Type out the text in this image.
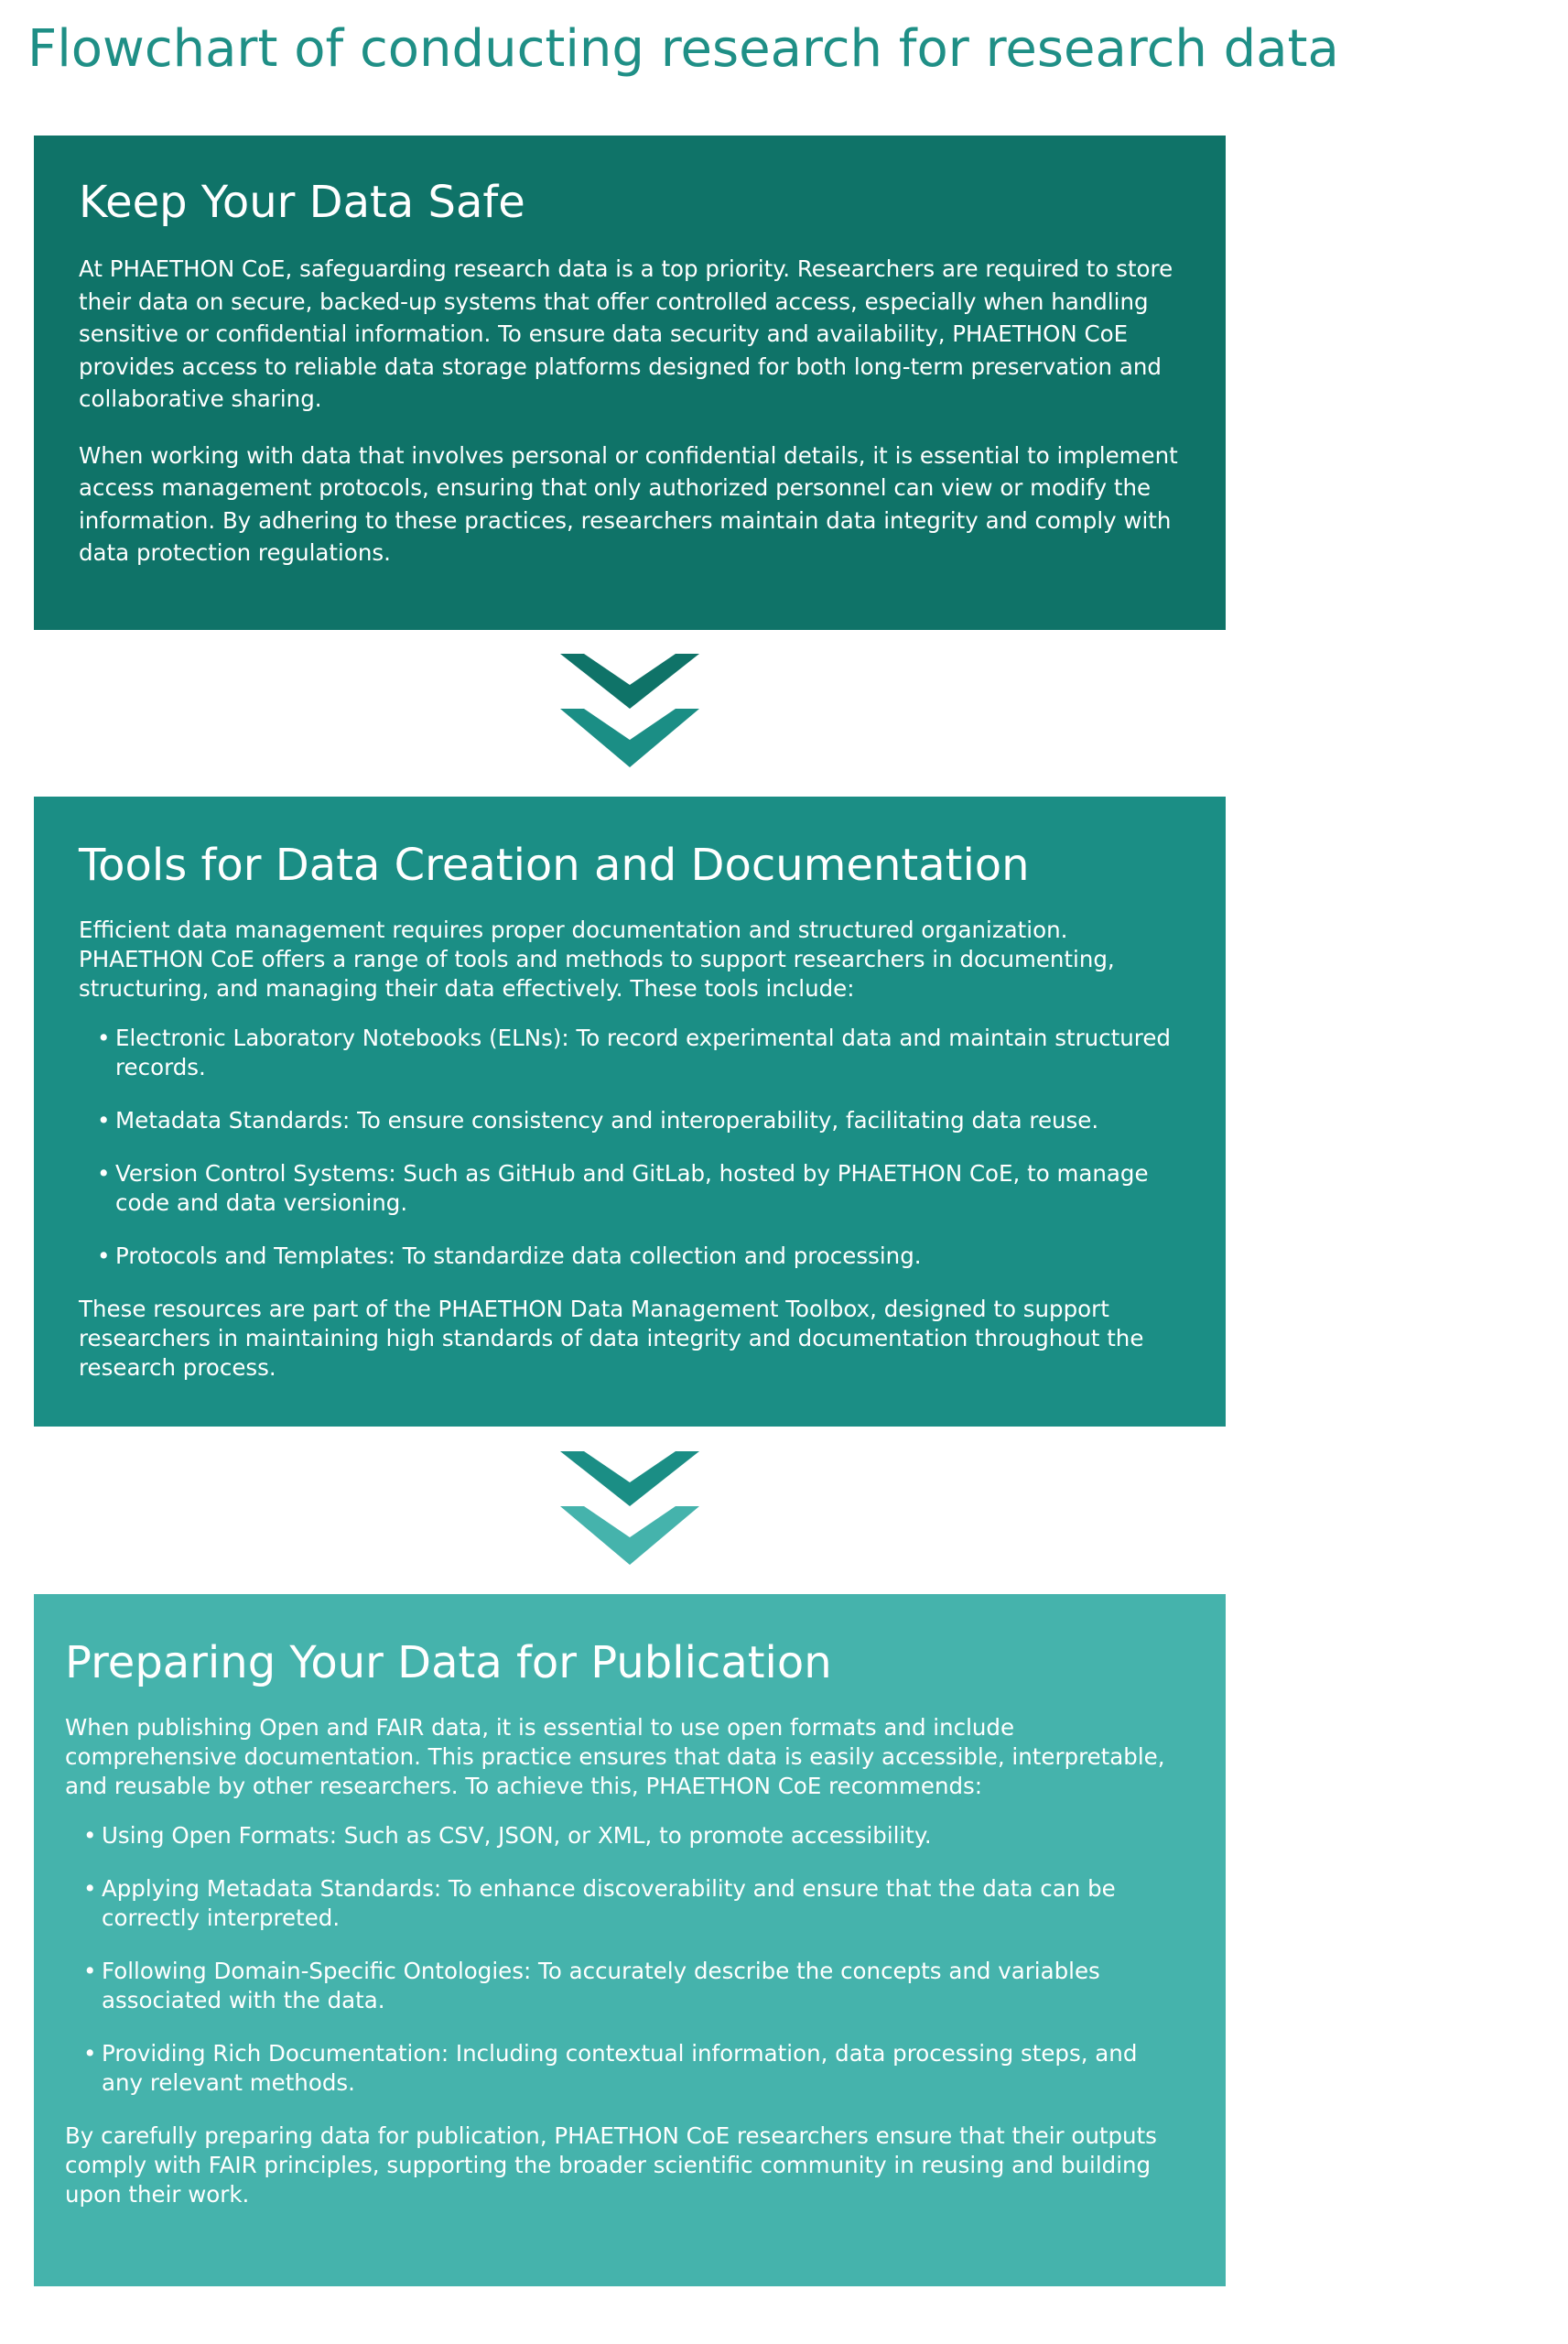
Flowchart of conducting research for research data
Keep Your Data Safe

At PHAETHON CoE, safeguarding research data is a top priority. Researchers are required to store their data on secure, backed-up systems that offer controlled access, especially when handling sensitive or confidential information. To ensure data security and availability, PHAETHON CoE provides access to reliable data storage platforms designed for both long-term preservation and collaborative sharing.

When working with data that involves personal or confidential details, it is essential to implement access management protocols, ensuring that only authorized personnel can view or modify the information. By adhering to these practices, researchers maintain data integrity and comply with data protection regulations.

Tools for Data Creation and Documentation

Efficient data management requires proper documentation and structured organization. PHAETHON CoE offers a range of tools and methods to support researchers in documenting, structuring, and managing their data effectively. These tools include:

• Electronic Laboratory Notebooks (ELNs): To record experimental data and maintain structured records.
• Metadata Standards: To ensure consistency and interoperability, facilitating data reuse.
• Version Control Systems: Such as GitHub and GitLab, hosted by PHAETHON CoE, to manage code and data versioning.
• Protocols and Templates: To standardize data collection and processing.

These resources are part of the PHAETHON Data Management Toolbox, designed to support researchers in maintaining high standards of data integrity and documentation throughout the research process.

Preparing Your Data for Publication

When publishing Open and FAIR data, it is essential to use open formats and include comprehensive documentation. This practice ensures that data is easily accessible, interpretable, and reusable by other researchers. To achieve this, PHAETHON CoE recommends:

• Using Open Formats: Such as CSV, JSON, or XML, to promote accessibility.
• Applying Metadata Standards: To enhance discoverability and ensure that the data can be correctly interpreted.
• Following Domain-Specific Ontologies: To accurately describe the concepts and variables associated with the data.
• Providing Rich Documentation: Including contextual information, data processing steps, and any relevant methods.

By carefully preparing data for publication, PHAETHON CoE researchers ensure that their outputs comply with FAIR principles, supporting the broader scientific community in reusing and building upon their work.
